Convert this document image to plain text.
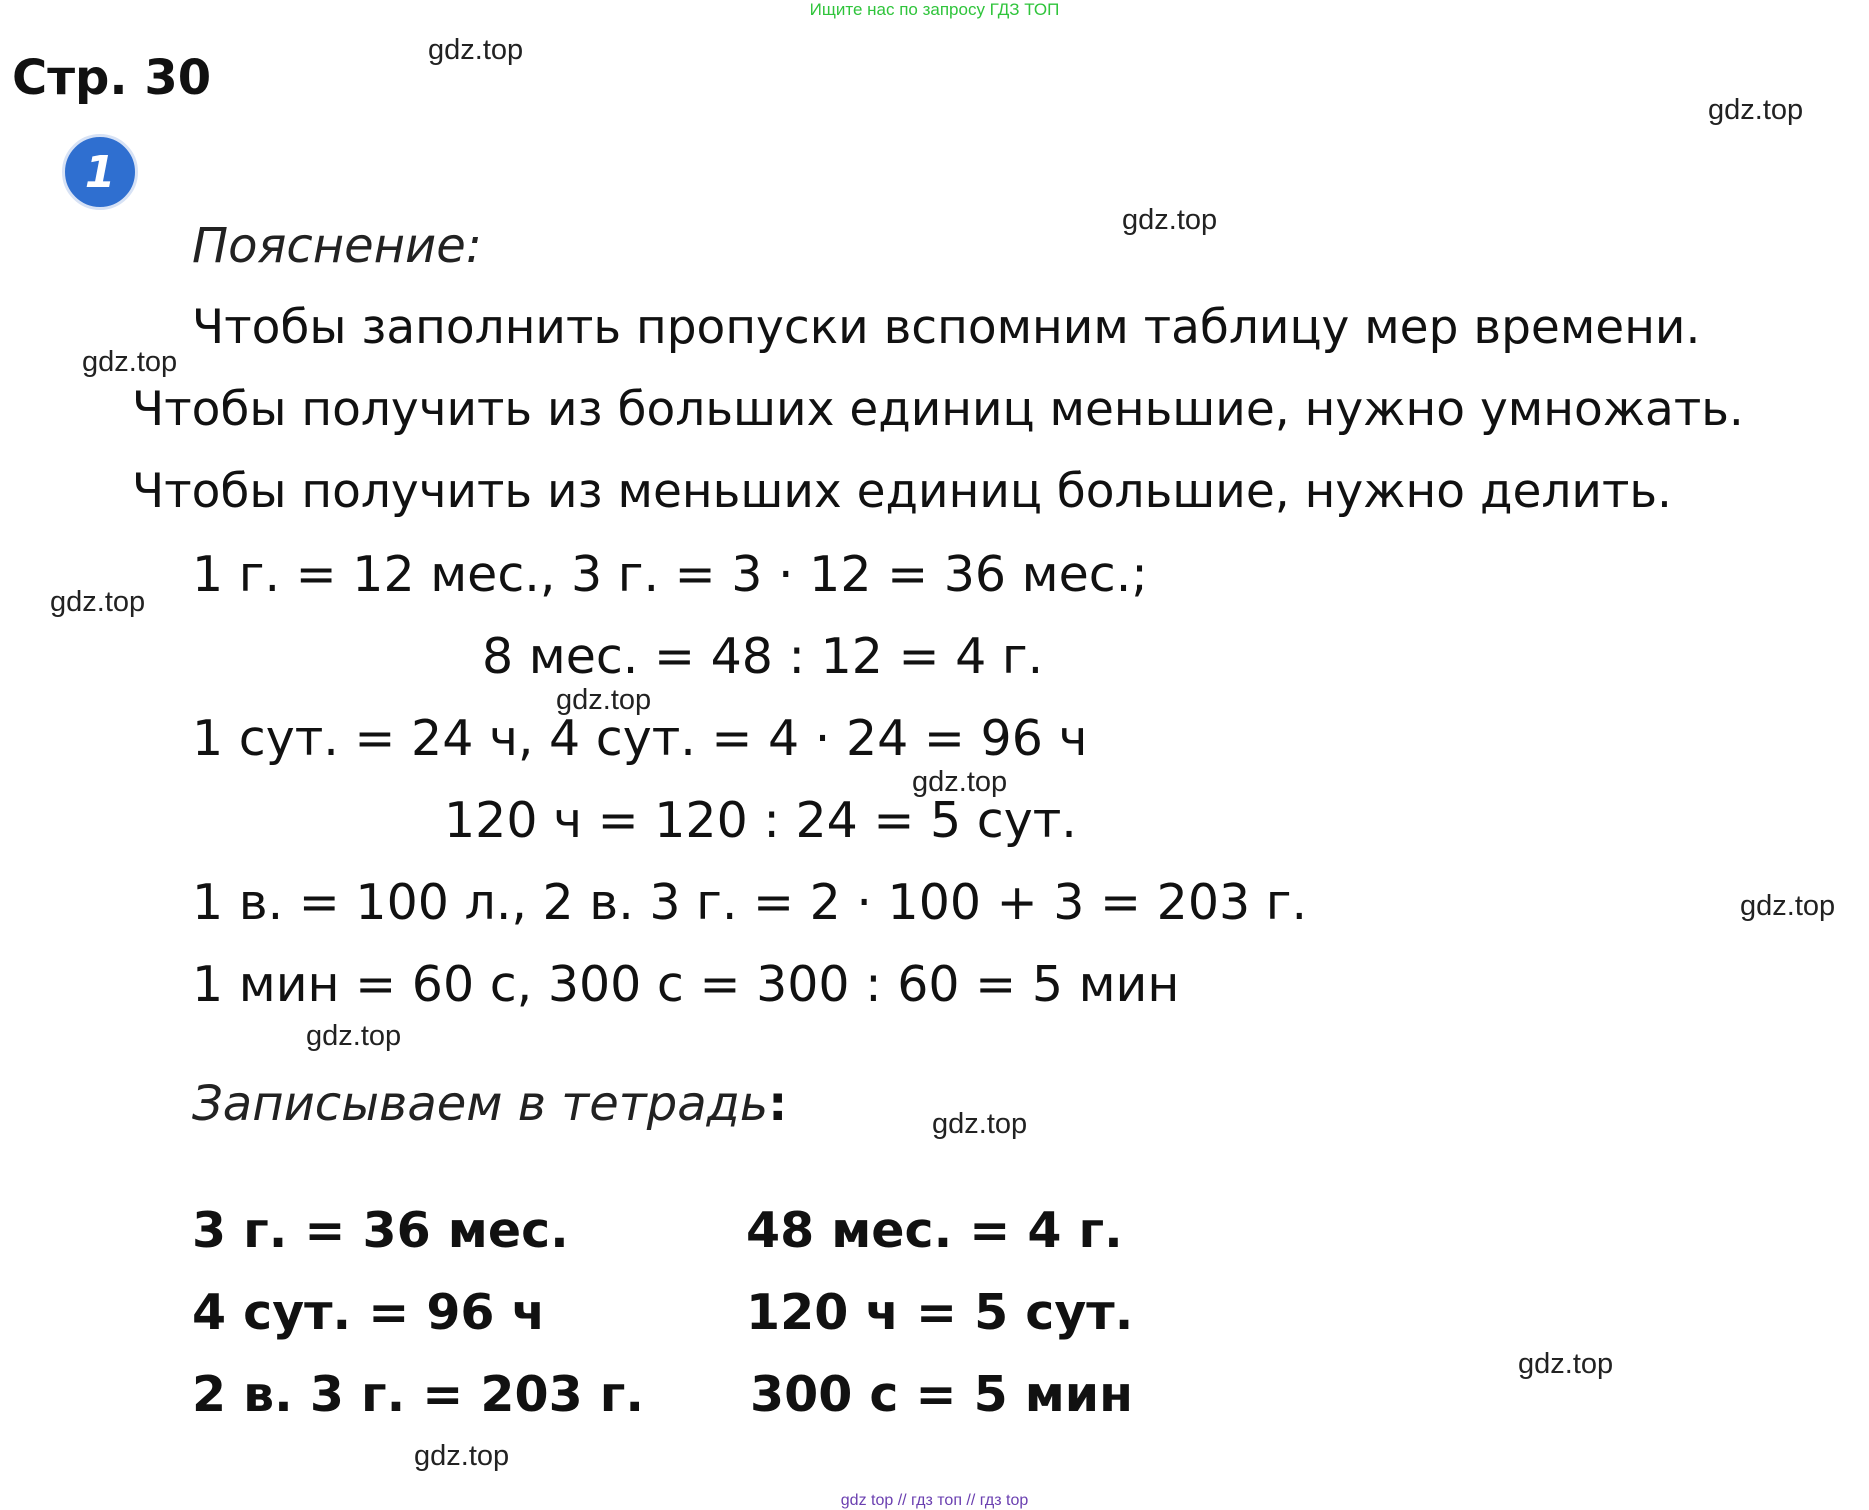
Ищите нас по запросу ГДЗ ТОП
Стр. 30
1
Пояснение:
Чтобы заполнить пропуски вспомним таблицу мер времени.
Чтобы получить из больших единиц меньшие, нужно умножать.
Чтобы получить из меньших единиц большие, нужно делить.
1 г. = 12 мес., 3 г. = 3 · 12 = 36 мес.;
8 мес. = 48 : 12 = 4 г.
1 сут. = 24 ч, 4 сут. = 4 · 24 = 96 ч
120 ч = 120 : 24 = 5 сут.
1 в. = 100 л., 2 в. 3 г. = 2 · 100 + 3 = 203 г.
1 мин = 60 с, 300 с = 300 : 60 = 5 мин
Записываем в тетрадь:
3 г. = 36 мес.
4 сут. = 96 ч
2 в. 3 г. = 203 г.
48 мес. = 4 г.
120 ч = 5 сут.
300 с = 5 мин
gdz.top
gdz.top
gdz.top
gdz.top
gdz.top
gdz.top
gdz.top
gdz.top
gdz.top
gdz.top
gdz.top
gdz.top
gdz top // гдз топ // гдз top
